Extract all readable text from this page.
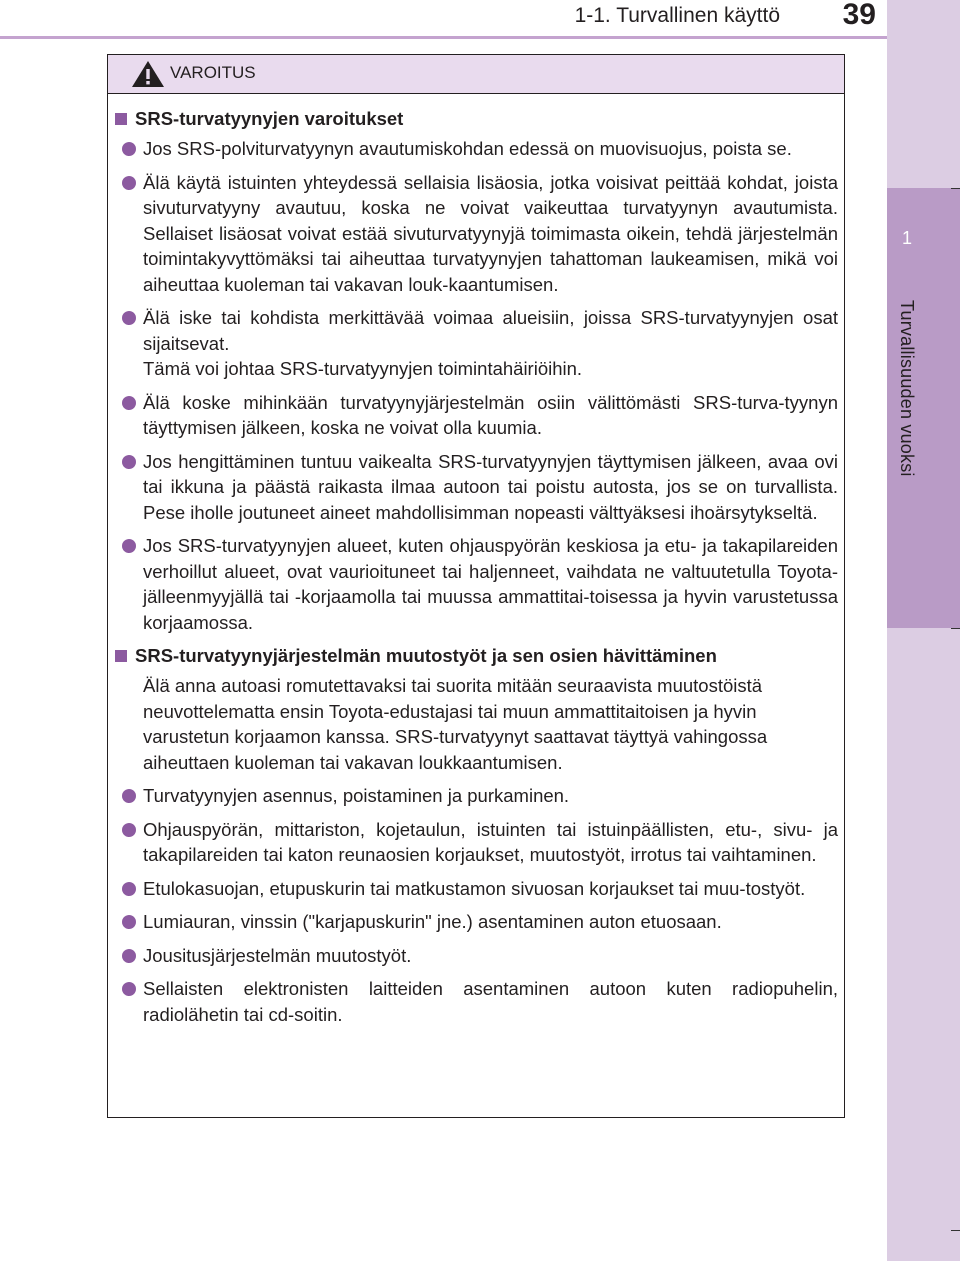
1
Turvallisuuden vuoksi
1-1. Turvallinen käyttö	39
VAROITUS
SRS-turvatyynyjen varoitukset
Jos SRS-polviturvatyynyn avautumiskohdan edessä on muovisuojus, poista se.
Älä käytä istuinten yhteydessä sellaisia lisäosia, jotka voisivat peittää kohdat, joista sivuturvatyyny avautuu, koska ne voivat vaikeuttaa turvatyynyn avautumista. Sellaiset lisäosat voivat estää sivuturvatyynyjä toimimasta oikein, tehdä järjestelmän toimintakyvyttömäksi tai aiheuttaa turvatyynyjen tahattoman laukeamisen, mikä voi aiheuttaa kuoleman tai vakavan louk-kaantumisen.
Älä iske tai kohdista merkittävää voimaa alueisiin, joissa SRS-turvatyynyjen osat sijaitsevat.
Tämä voi johtaa SRS-turvatyynyjen toimintahäiriöihin.
Älä koske mihinkään turvatyynyjärjestelmän osiin välittömästi SRS-turva-tyynyn täyttymisen jälkeen, koska ne voivat olla kuumia.
Jos hengittäminen tuntuu vaikealta SRS-turvatyynyjen täyttymisen jälkeen, avaa ovi tai ikkuna ja päästä raikasta ilmaa autoon tai poistu autosta, jos se on turvallista. Pese iholle joutuneet aineet mahdollisimman nopeasti välttyäksesi ihoärsytykseltä.
Jos SRS-turvatyynyjen alueet, kuten ohjauspyörän keskiosa ja etu- ja takapilareiden verhoillut alueet, ovat vaurioituneet tai haljenneet, vaihdata ne valtuutetulla Toyota-jälleenmyyjällä tai -korjaamolla tai muussa ammattitai-toisessa ja hyvin varustetussa korjaamossa.
SRS-turvatyynyjärjestelmän muutostyöt ja sen osien hävittäminen
Älä anna autoasi romutettavaksi tai suorita mitään seuraavista muutostöistä neuvottelematta ensin Toyota-edustajasi tai muun ammattitaitoisen ja hyvin varustetun korjaamon kanssa. SRS-turvatyynyt saattavat täyttyä vahingossa aiheuttaen kuoleman tai vakavan loukkaantumisen.
Turvatyynyjen asennus, poistaminen ja purkaminen.
Ohjauspyörän, mittariston, kojetaulun, istuinten tai istuinpäällisten, etu-, sivu- ja takapilareiden tai katon reunaosien korjaukset, muutostyöt, irrotus tai vaihtaminen.
Etulokasuojan, etupuskurin tai matkustamon sivuosan korjaukset tai muu-tostyöt.
Lumiauran, vinssin ("karjapuskurin" jne.) asentaminen auton etuosaan.
Jousitusjärjestelmän muutostyöt.
Sellaisten elektronisten laitteiden asentaminen autoon kuten radiopuhelin, radiolähetin tai cd-soitin.
